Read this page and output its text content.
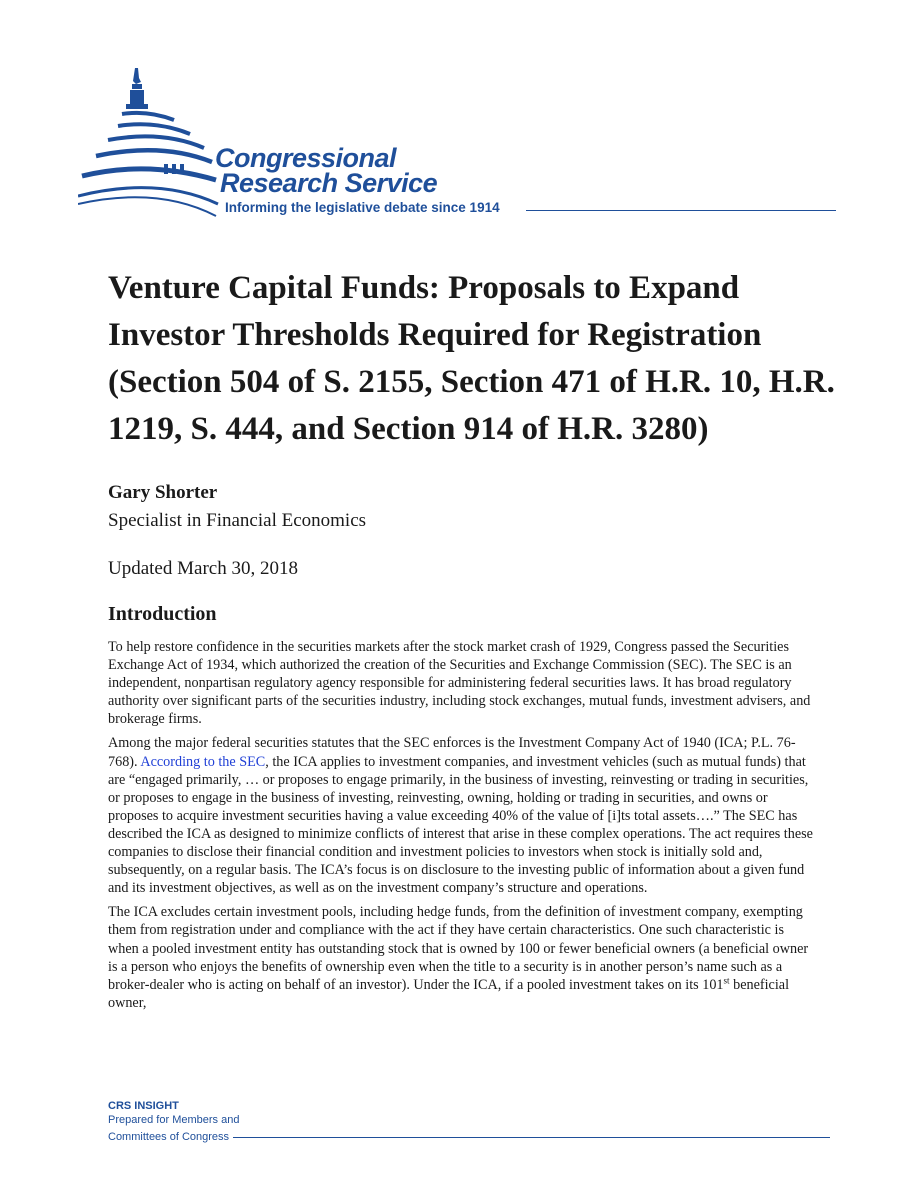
Congressional
Research Service
Informing the legislative debate since 1914
Venture Capital Funds: Proposals to Expand Investor Thresholds Required for Registration (Section 504 of S. 2155, Section 471 of H.R. 10, H.R. 1219, S. 444, and Section 914 of H.R. 3280)
Gary Shorter
Specialist in Financial Economics
Updated March 30, 2018
Introduction

To help restore confidence in the securities markets after the stock market crash of 1929, Congress passed the Securities Exchange Act of 1934, which authorized the creation of the Securities and Exchange Commission (SEC). The SEC is an independent, nonpartisan regulatory agency responsible for administering federal securities laws. It has broad regulatory authority over significant parts of the securities industry, including stock exchanges, mutual funds, investment advisers, and brokerage firms.

Among the major federal securities statutes that the SEC enforces is the Investment Company Act of 1940 (ICA; P.L. 76-768). According to the SEC, the ICA applies to investment companies, and investment vehicles (such as mutual funds) that are “engaged primarily, … or proposes to engage primarily, in the business of investing, reinvesting or trading in securities, or proposes to engage in the business of investing, reinvesting, owning, holding or trading in securities, and owns or proposes to acquire investment securities having a value exceeding 40% of the value of [i]ts total assets….” The SEC has described the ICA as designed to minimize conflicts of interest that arise in these complex operations. The act requires these companies to disclose their financial condition and investment policies to investors when stock is initially sold and, subsequently, on a regular basis. The ICA’s focus is on disclosure to the investing public of information about a given fund and its investment objectives, as well as on the investment company’s structure and operations.

The ICA excludes certain investment pools, including hedge funds, from the definition of investment company, exempting them from registration under and compliance with the act if they have certain characteristics. One such characteristic is when a pooled investment entity has outstanding stock that is owned by 100 or fewer beneficial owners (a beneficial owner is a person who enjoys the benefits of ownership even when the title to a security is in another person’s name such as a broker-dealer who is acting on behalf of an investor). Under the ICA, if a pooled investment takes on its 101st beneficial owner,

CRS INSIGHT
Prepared for Members and
Committees of Congress
